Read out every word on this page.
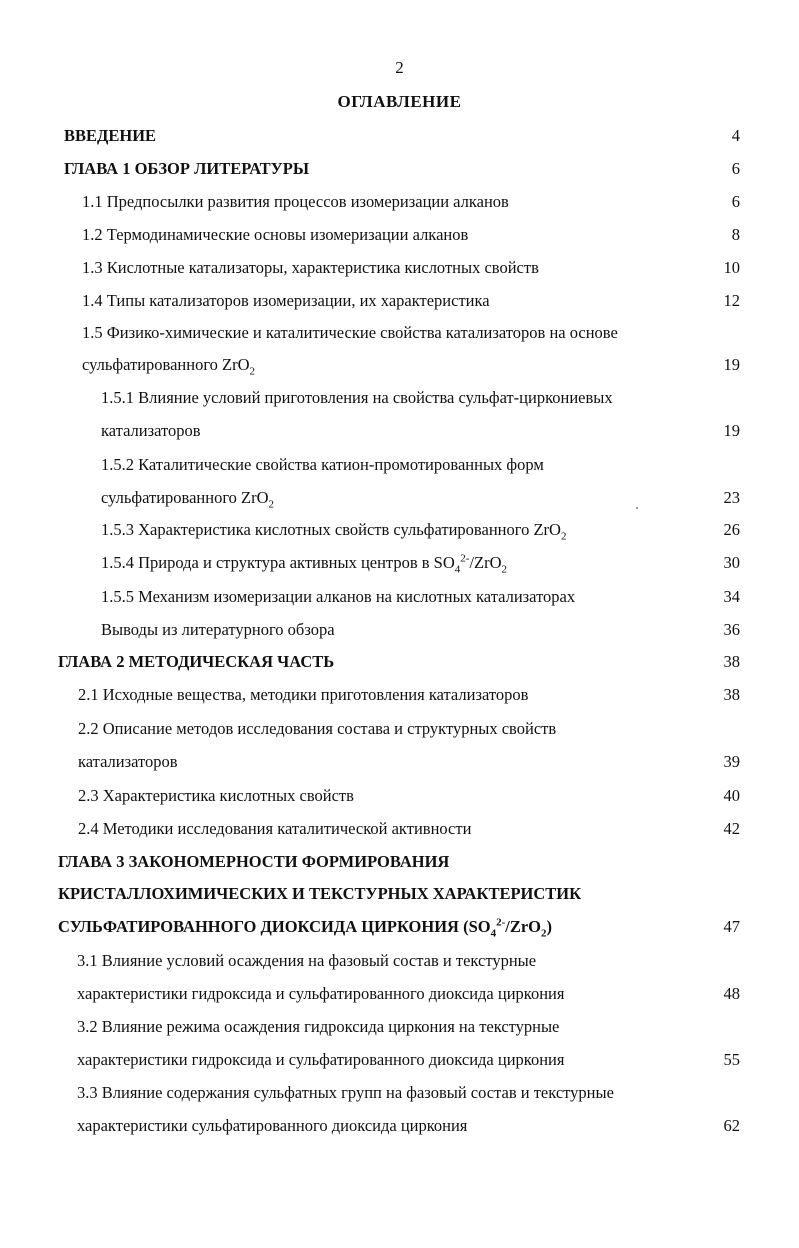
2
ОГЛАВЛЕНИЕ
ВВЕДЕНИЕ	4
ГЛАВА 1 ОБЗОР ЛИТЕРАТУРЫ	6
1.1 Предпосылки развития процессов изомеризации алканов	6
1.2 Термодинамические основы изомеризации алканов	8
1.3 Кислотные катализаторы, характеристика кислотных свойств	10
1.4 Типы катализаторов изомеризации, их характеристика	12
1.5 Физико-химические и каталитические свойства катализаторов на основе
сульфатированного ZrO$_2$	19
1.5.1 Влияние условий приготовления на свойства сульфат-циркониевых
катализаторов	19
1.5.2 Каталитические свойства катион-промотированных форм
сульфатированного ZrO$_2$	23
1.5.3 Характеристика кислотных свойств сульфатированного ZrO$_2$	26
1.5.4 Природа и структура активных центров в $SO_4^{2-}/ZrO_2$	30
1.5.5 Механизм изомеризации алканов на кислотных катализаторах	34
Выводы из литературного обзора	36
ГЛАВА 2 МЕТОДИЧЕСКАЯ ЧАСТЬ	38
2.1 Исходные вещества, методики приготовления катализаторов	38
2.2 Описание методов исследования состава и структурных свойств
катализаторов	39
2.3 Характеристика кислотных свойств	40
2.4 Методики исследования каталитической активности	42
ГЛАВА 3 ЗАКОНОМЕРНОСТИ ФОРМИРОВАНИЯ
КРИСТАЛЛОХИМИЧЕСКИХ И ТЕКСТУРНЫХ ХАРАКТЕРИСТИК
СУЛЬФАТИРОВАННОГО ДИОКСИДА ЦИРКОНИЯ $(SO_4^{2-}/ZrO_2)$	47
3.1 Влияние условий осаждения на фазовый состав и текстурные
характеристики гидроксида и сульфатированного диоксида циркония	48
3.2 Влияние режима осаждения гидроксида циркония на текстурные
характеристики гидроксида и сульфатированного диоксида циркония	55
3.3 Влияние содержания сульфатных групп на фазовый состав и текстурные
характеристики сульфатированного диоксида циркония	62
